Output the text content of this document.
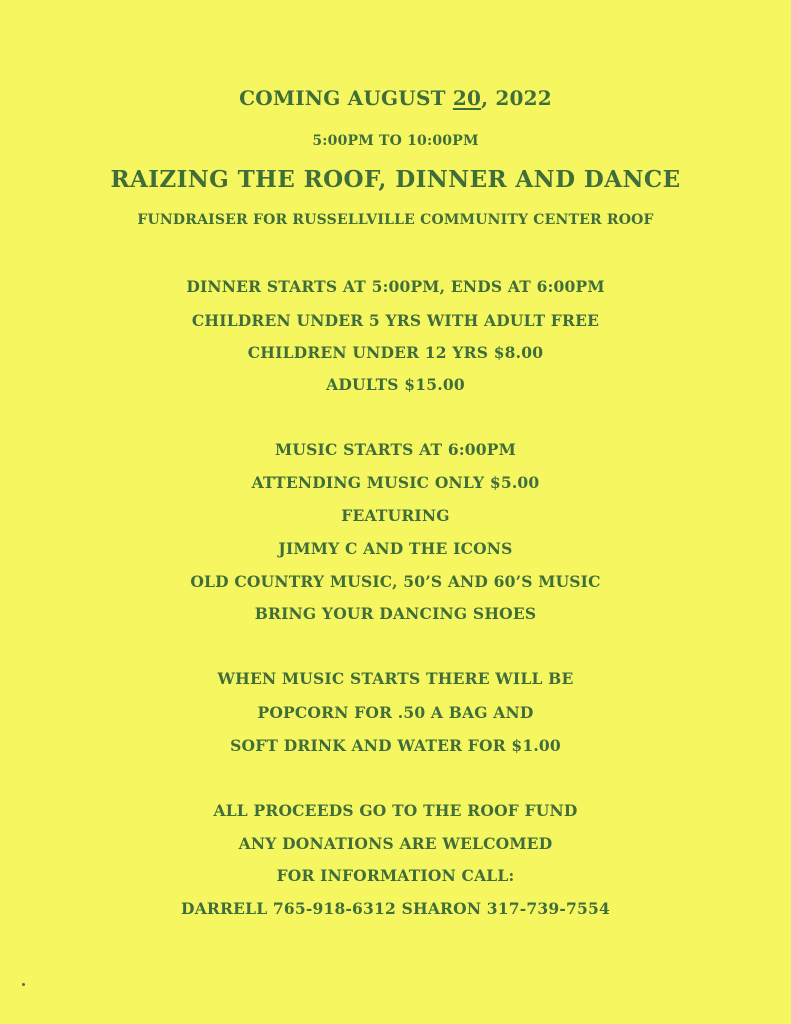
COMING AUGUST 20, 2022
5:00PM TO 10:00PM
RAIZING THE ROOF, DINNER AND DANCE
FUNDRAISER FOR RUSSELLVILLE COMMUNITY CENTER ROOF
DINNER STARTS AT 5:00PM, ENDS AT 6:00PM
CHILDREN UNDER 5 YRS WITH ADULT FREE
CHILDREN UNDER 12 YRS $8.00
ADULTS $15.00
MUSIC STARTS AT 6:00PM
ATTENDING MUSIC ONLY $5.00
FEATURING
JIMMY C AND THE ICONS
OLD COUNTRY MUSIC, 50’S AND 60’S MUSIC
BRING YOUR DANCING SHOES
WHEN MUSIC STARTS THERE WILL BE
POPCORN FOR .50 A BAG AND
SOFT DRINK AND WATER FOR $1.00
ALL PROCEEDS GO TO THE ROOF FUND
ANY DONATIONS ARE WELCOMED
FOR INFORMATION CALL:
DARRELL 765-918-6312 SHARON 317-739-7554
